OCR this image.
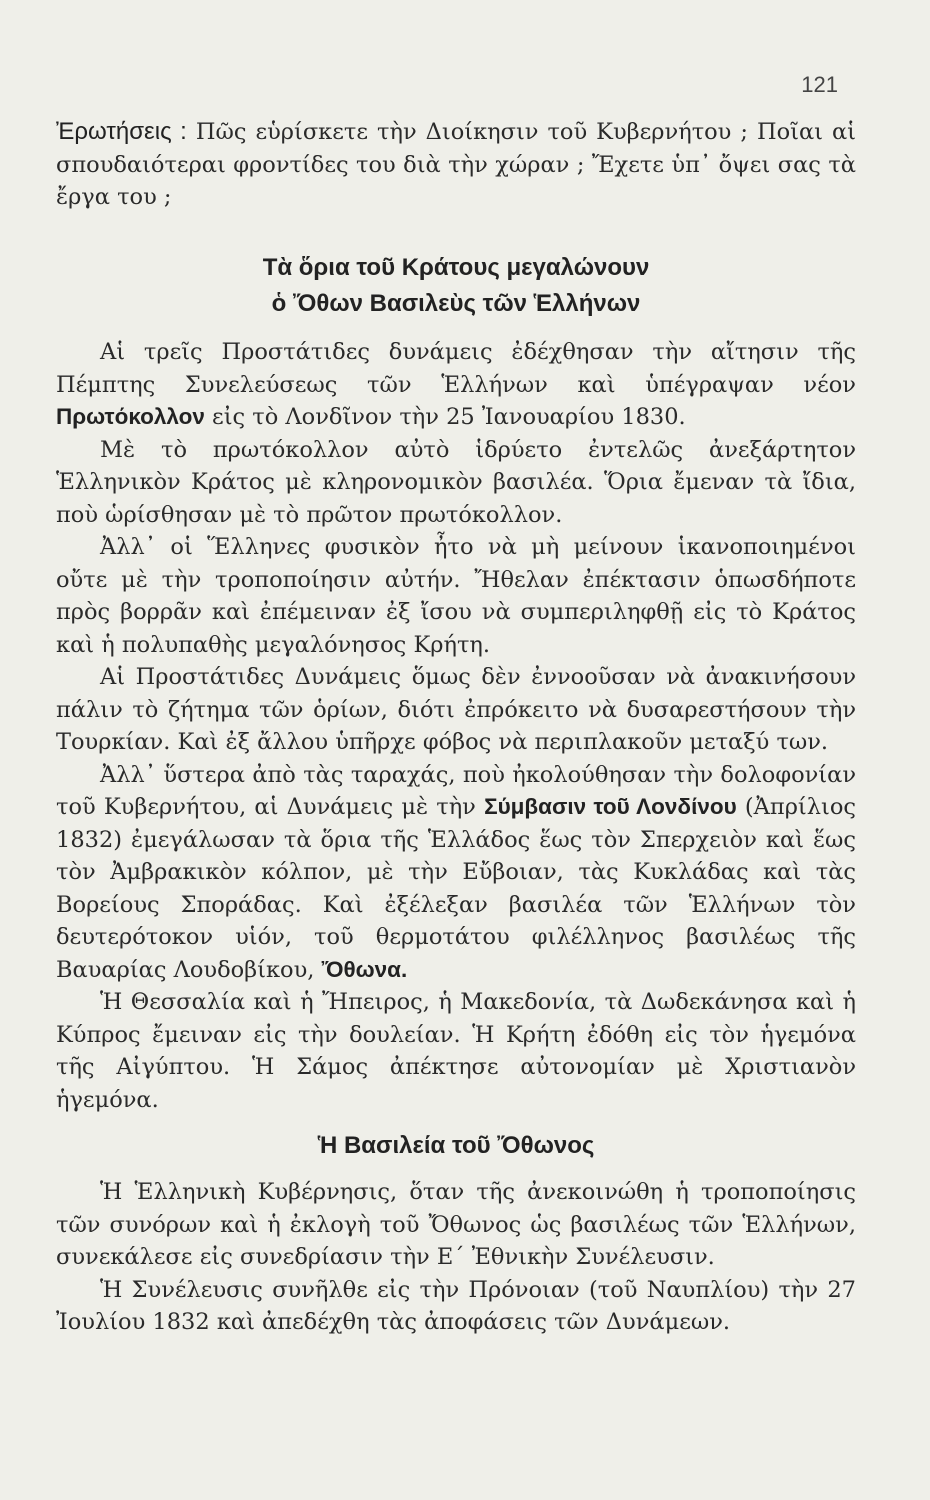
121

Ἐρωτήσεις : Πῶς εὑρίσκετε τὴν Διοίκησιν τοῦ Κυβερνήτου ; Ποῖαι αἱ σπουδαιότεραι φροντίδες του διὰ τὴν χώραν ; Ἔχετε ὑπ᾿ ὄψει σας τὰ ἔργα του ;

Τὰ ὅρια τοῦ Κράτους μεγαλώνουν
ὁ Ὄθων Βασιλεὺς τῶν Ἑλλήνων

Αἱ τρεῖς Προστάτιδες δυνάμεις ἐδέχθησαν τὴν αἴτησιν τῆς Πέμπτης Συνελεύσεως τῶν Ἑλλήνων καὶ ὑπέγραψαν νέον Πρωτόκολλον εἰς τὸ Λονδῖνον τὴν 25 Ἰανουαρίου 1830.

Μὲ τὸ πρωτόκολλον αὐτὸ ἱδρύετο ἐντελῶς ἀνεξάρτητον Ἑλληνικὸν Κράτος μὲ κληρονομικὸν βασιλέα. Ὅρια ἔμεναν τὰ ἴδια, ποὺ ὡρίσθησαν μὲ τὸ πρῶτον πρωτόκολλον.

Ἀλλ᾿ οἱ Ἕλληνες φυσικὸν ἦτο νὰ μὴ μείνουν ἱκανοποιημένοι οὔτε μὲ τὴν τροποποίησιν αὐτήν. Ἤθελαν ἐπέκτασιν ὁπωσδήποτε πρὸς βορρᾶν καὶ ἐπέμειναν ἐξ ἴσου νὰ συμπεριληφθῇ εἰς τὸ Κράτος καὶ ἡ πολυπαθὴς μεγαλόνησος Κρήτη.

Αἱ Προστάτιδες Δυνάμεις ὅμως δὲν ἐννοοῦσαν νὰ ἀνακινήσουν πάλιν τὸ ζήτημα τῶν ὁρίων, διότι ἐπρόκειτο νὰ δυσαρεστήσουν τὴν Τουρκίαν. Καὶ ἐξ ἄλλου ὑπῆρχε φόβος νὰ περιπλακοῦν μεταξύ των.

Ἀλλ᾿ ὕστερα ἀπὸ τὰς ταραχάς, ποὺ ἠκολούθησαν τὴν δολοφονίαν τοῦ Κυβερνήτου, αἱ Δυνάμεις μὲ τὴν Σύμβασιν τοῦ Λονδίνου (Ἀπρίλιος 1832) ἐμεγάλωσαν τὰ ὅρια τῆς Ἑλλάδος ἕως τὸν Σπερχειὸν καὶ ἕως τὸν Ἀμβρακικὸν κόλπον, μὲ τὴν Εὔβοιαν, τὰς Κυκλάδας καὶ τὰς Βορείους Σποράδας. Καὶ ἐξέλεξαν βασιλέα τῶν Ἑλλήνων τὸν δευτερότοκον υἱόν, τοῦ θερμοτάτου φιλέλληνος βασιλέως τῆς Βαυαρίας Λουδοβίκου, Ὄθωνα.

Ἡ Θεσσαλία καὶ ἡ Ἤπειρος, ἡ Μακεδονία, τὰ Δωδεκάνησα καὶ ἡ Κύπρος ἔμειναν εἰς τὴν δουλείαν. Ἡ Κρήτη ἐδόθη εἰς τὸν ἡγεμόνα τῆς Αἰγύπτου. Ἡ Σάμος ἀπέκτησε αὐτονομίαν μὲ Χριστιανὸν ἡγεμόνα.

Ἡ Βασιλεία τοῦ Ὄθωνος

Ἡ Ἑλληνικὴ Κυβέρνησις, ὅταν τῆς ἀνεκοινώθη ἡ τροποποίησις τῶν συνόρων καὶ ἡ ἐκλογὴ τοῦ Ὄθωνος ὡς βασιλέως τῶν Ἑλλήνων, συνεκάλεσε εἰς συνεδρίασιν τὴν Ε΄ Ἐθνικὴν Συνέλευσιν.

Ἡ Συνέλευσις συνῆλθε εἰς τὴν Πρόνοιαν (τοῦ Ναυπλίου) τὴν 27 Ἰουλίου 1832 καὶ ἀπεδέχθη τὰς ἀποφάσεις τῶν Δυνάμεων.
